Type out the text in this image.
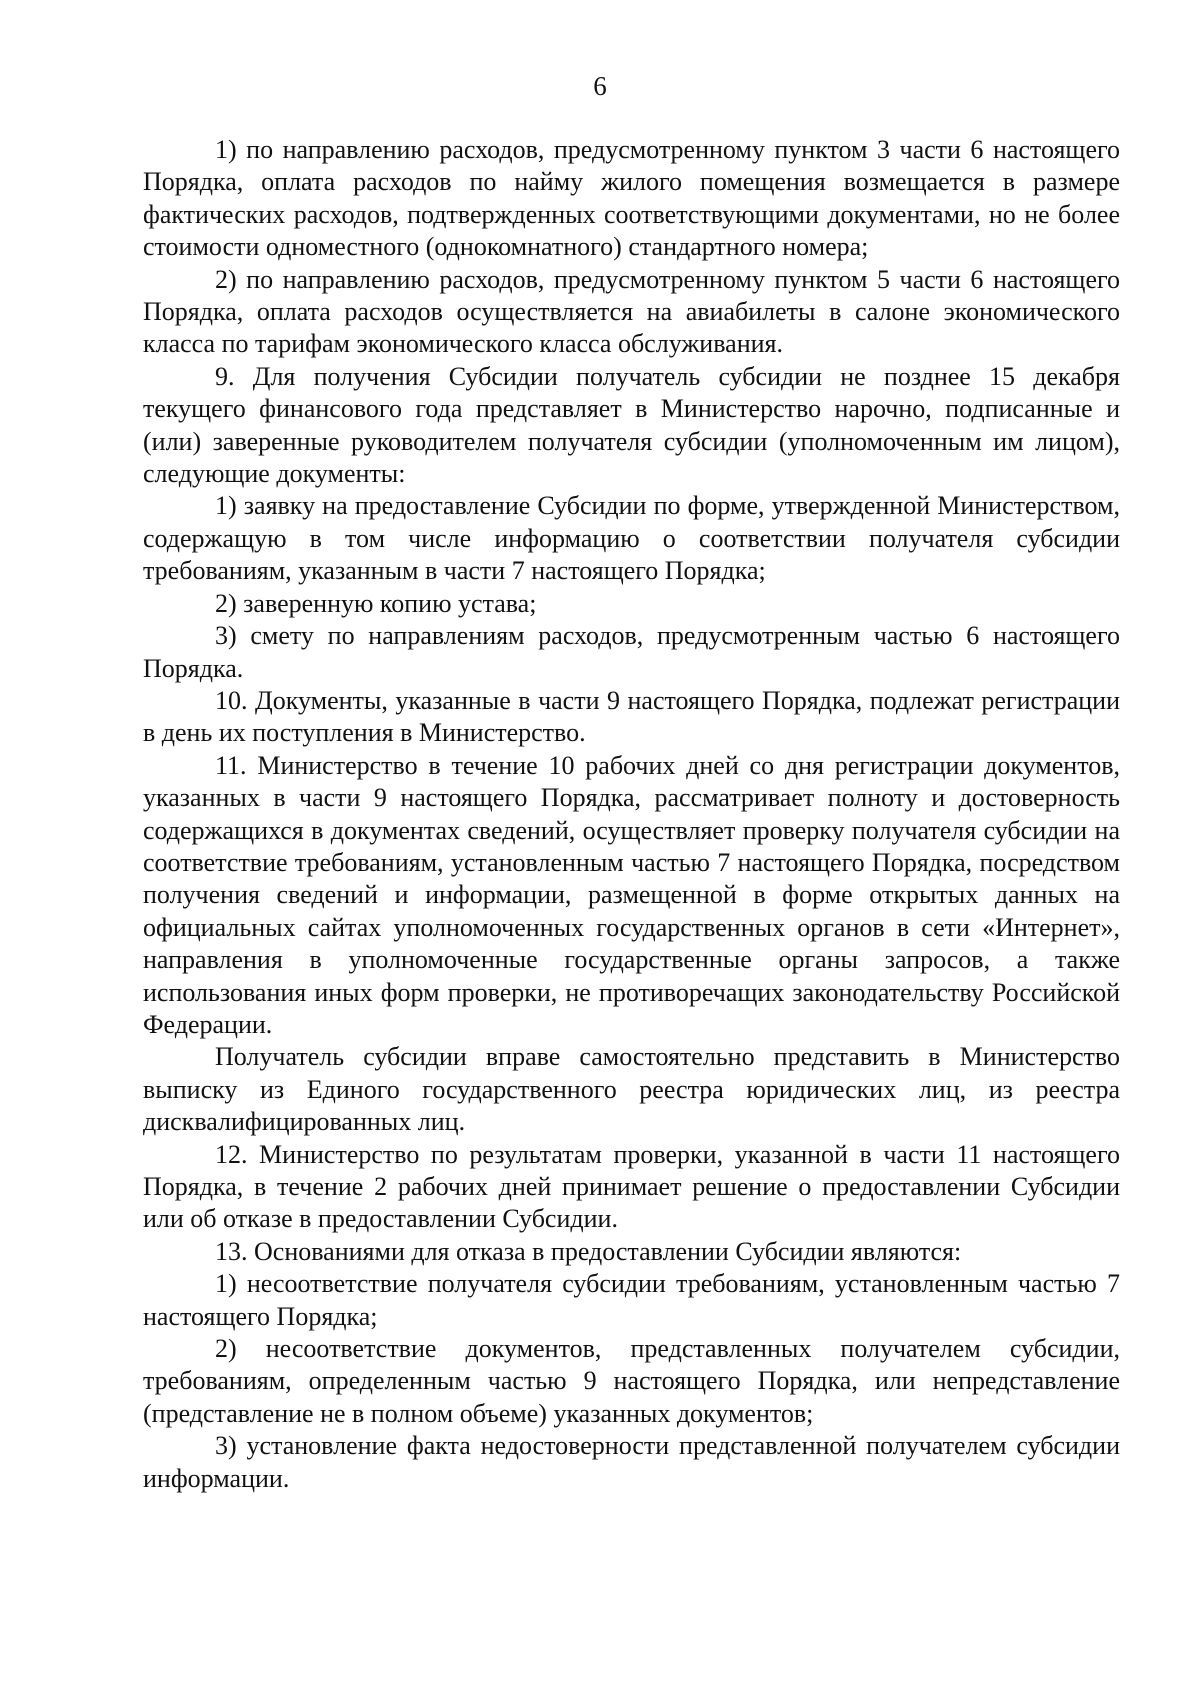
6

1) по направлению расходов, предусмотренному пунктом 3 части 6 настоящего Порядка, оплата расходов по найму жилого помещения возмещается в размере фактических расходов, подтвержденных соответствующими документами, но не более стоимости одноместного (однокомнатного) стандартного номера;

2) по направлению расходов, предусмотренному пунктом 5 части 6 настоящего Порядка, оплата расходов осуществляется на авиабилеты в салоне экономического класса по тарифам экономического класса обслуживания.

9. Для получения Субсидии получатель субсидии не позднее 15 декабря текущего финансового года представляет в Министерство нарочно, подписанные и (или) заверенные руководителем получателя субсидии (уполномоченным им лицом), следующие документы:

1) заявку на предоставление Субсидии по форме, утвержденной Министерством, содержащую в том числе информацию о соответствии получателя субсидии требованиям, указанным в части 7 настоящего Порядка;

2) заверенную копию устава;

3) смету по направлениям расходов, предусмотренным частью 6 настоящего Порядка.

10. Документы, указанные в части 9 настоящего Порядка, подлежат регистрации в день их поступления в Министерство.

11. Министерство в течение 10 рабочих дней со дня регистрации документов, указанных в части 9 настоящего Порядка, рассматривает полноту и достоверность содержащихся в документах сведений, осуществляет проверку получателя субсидии на соответствие требованиям, установленным частью 7 настоящего Порядка, посредством получения сведений и информации, размещенной в форме открытых данных на официальных сайтах уполномоченных государственных органов в сети «Интернет», направления в уполномоченные государственные органы запросов, а также использования иных форм проверки, не противоречащих законодательству Российской Федерации.

Получатель субсидии вправе самостоятельно представить в Министерство выписку из Единого государственного реестра юридических лиц, из реестра дисквалифицированных лиц.

12. Министерство по результатам проверки, указанной в части 11 настоящего Порядка, в течение 2 рабочих дней принимает решение о предоставлении Субсидии или об отказе в предоставлении Субсидии.

13. Основаниями для отказа в предоставлении Субсидии являются:

1) несоответствие получателя субсидии требованиям, установленным частью 7 настоящего Порядка;

2) несоответствие документов, представленных получателем субсидии, требованиям, определенным частью 9 настоящего Порядка, или непредставление (представление не в полном объеме) указанных документов;

3) установление факта недостоверности представленной получателем субсидии информации.
